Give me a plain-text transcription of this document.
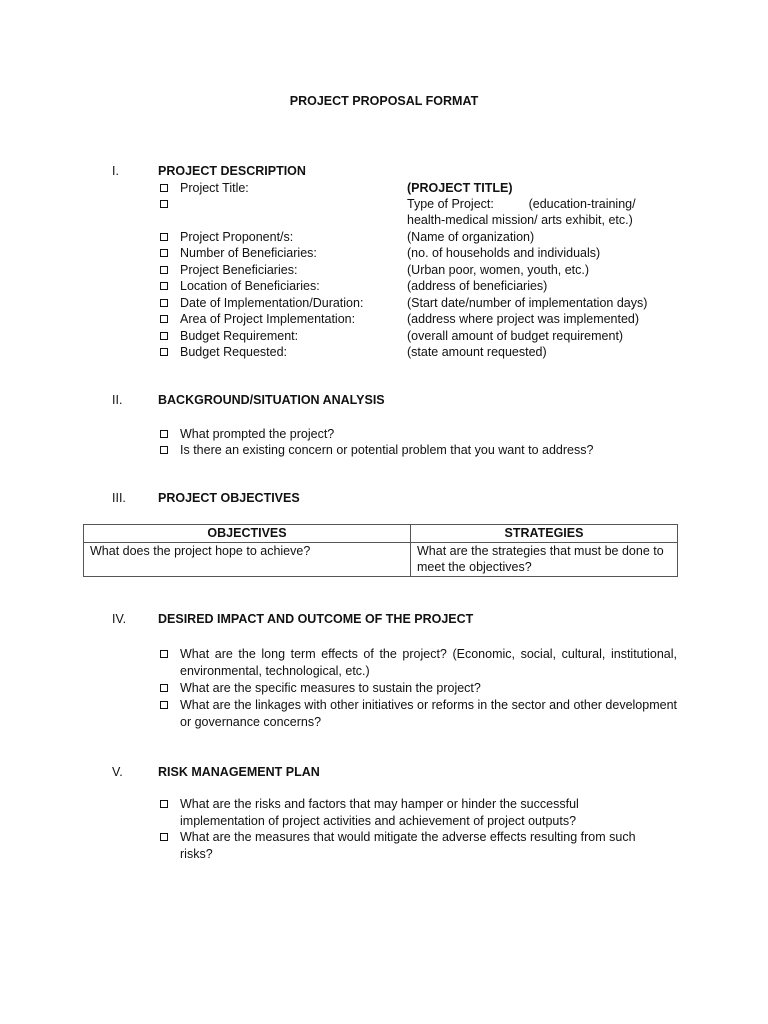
PROJECT PROPOSAL FORMAT
I.	PROJECT DESCRIPTION
Project Title:	(PROJECT TITLE)
Type of Project:          (education-training/
health-medical mission/ arts exhibit, etc.)
Project Proponent/s:	(Name of organization)
Number of Beneficiaries:	(no. of households and individuals)
Project Beneficiaries:	(Urban poor, women, youth, etc.)
Location of Beneficiaries:	(address of beneficiaries)
Date of Implementation/Duration:	(Start date/number of implementation days)
Area of Project Implementation:	(address where project was implemented)
Budget Requirement:	(overall amount of budget requirement)
Budget Requested:	(state amount requested)
II.	BACKGROUND/SITUATION ANALYSIS
What prompted the project?
Is there an existing concern or potential problem that you want to address?
III.	PROJECT OBJECTIVES
OBJECTIVES	STRATEGIES
What does the project hope to achieve?	What are the strategies that must be done to meet the objectives?
IV.	DESIRED IMPACT AND OUTCOME OF THE PROJECT
What are the long term effects of the project? (Economic, social, cultural, institutional, environmental, technological, etc.)
What are the specific measures to sustain the project?
What are the linkages with other initiatives or reforms in the sector and other development or governance concerns?
V.	RISK MANAGEMENT PLAN
What are the risks and factors that may hamper or hinder the successful implementation of project activities and achievement of project outputs?
What are the measures that would mitigate the adverse effects resulting from such risks?
